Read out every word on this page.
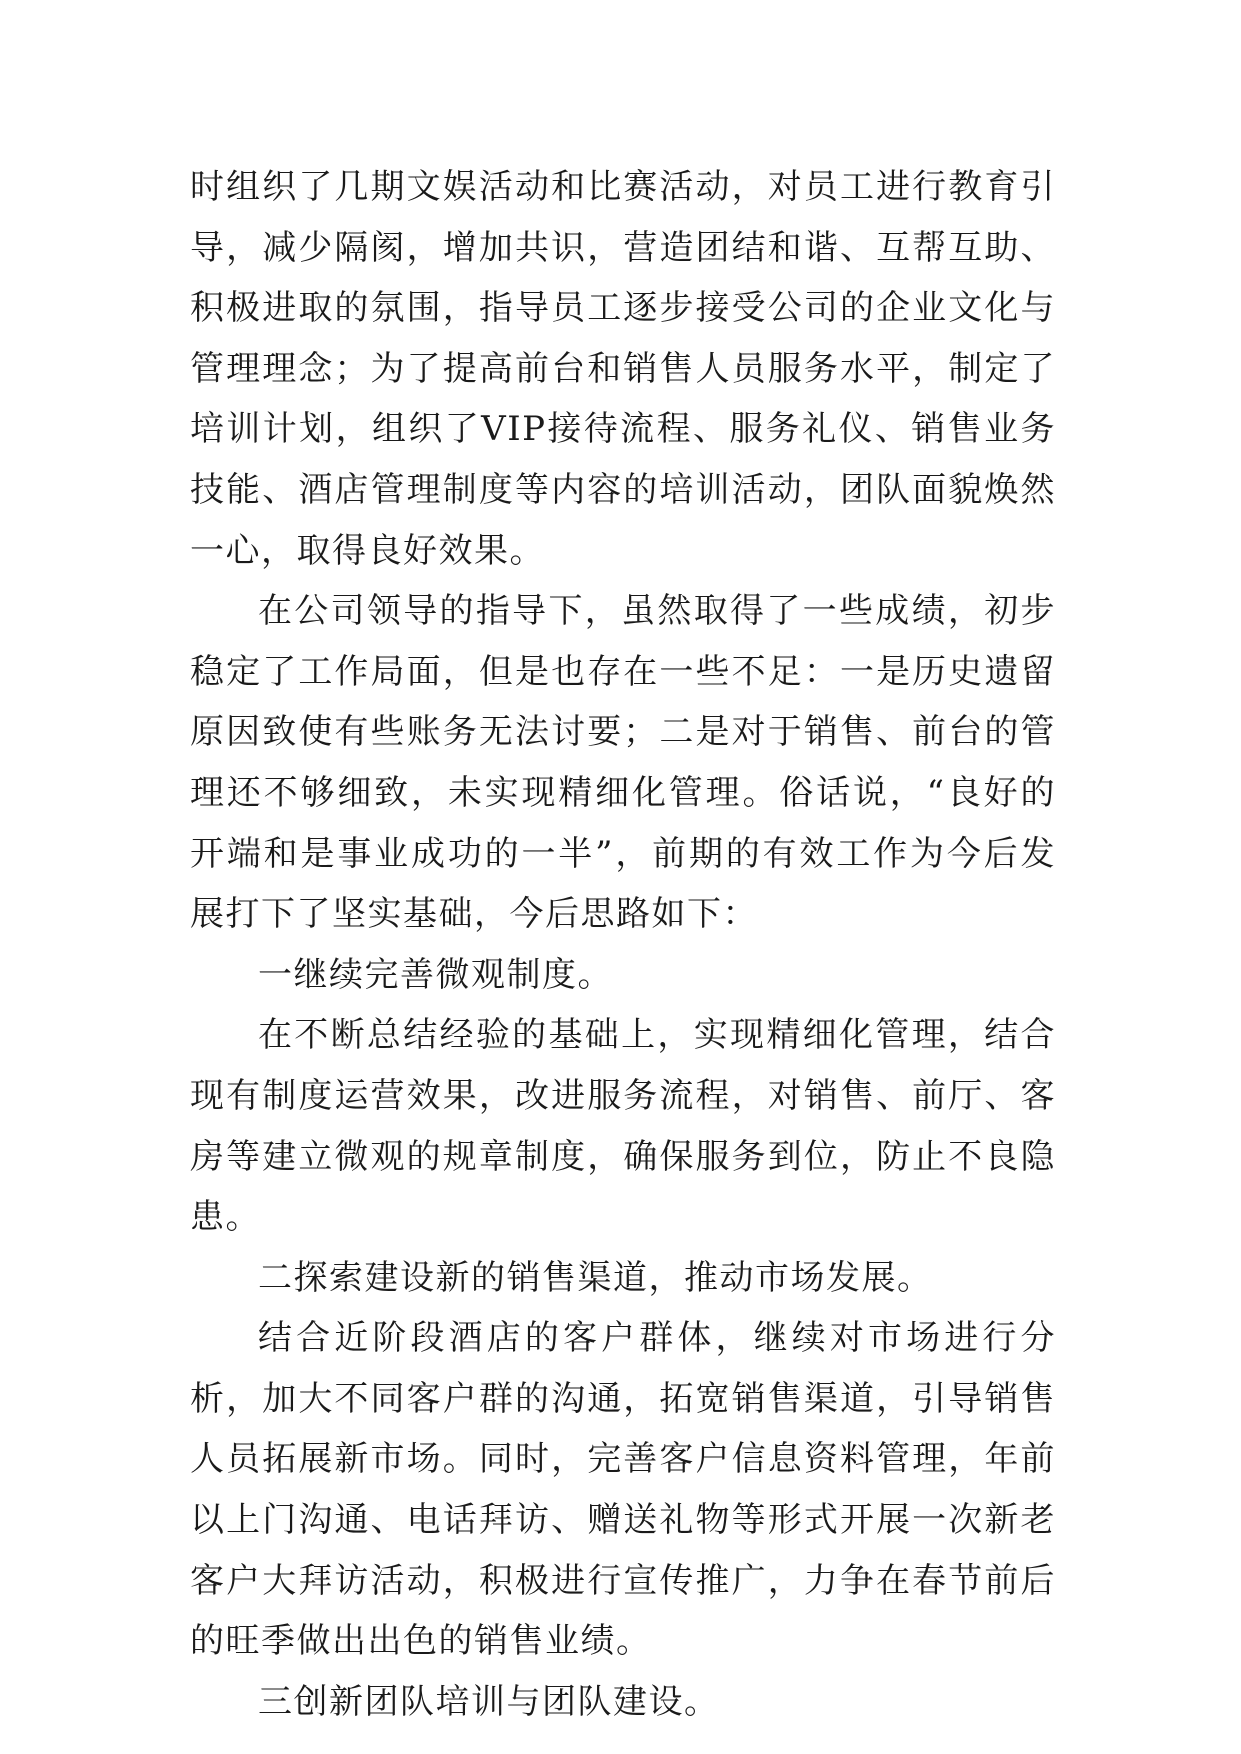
时组织了几期文娱活动和比赛活动，对员工进行教育引导，减少隔阂，增加共识，营造团结和谐、互帮互助、积极进取的氛围，指导员工逐步接受公司的企业文化与管理理念；为了提高前台和销售人员服务水平，制定了培训计划，组织了VIP接待流程、服务礼仪、销售业务技能、酒店管理制度等内容的培训活动，团队面貌焕然一心，取得良好效果。

在公司领导的指导下，虽然取得了一些成绩，初步稳定了工作局面，但是也存在一些不足：一是历史遗留原因致使有些账务无法讨要；二是对于销售、前台的管理还不够细致，未实现精细化管理。俗话说，“良好的开端和是事业成功的一半”，前期的有效工作为今后发展打下了坚实基础，今后思路如下：

一继续完善微观制度。

在不断总结经验的基础上，实现精细化管理，结合现有制度运营效果，改进服务流程，对销售、前厅、客房等建立微观的规章制度，确保服务到位，防止不良隐患。

二探索建设新的销售渠道，推动市场发展。

结合近阶段酒店的客户群体，继续对市场进行分析，加大不同客户群的沟通，拓宽销售渠道，引导销售人员拓展新市场。同时，完善客户信息资料管理，年前以上门沟通、电话拜访、赠送礼物等形式开展一次新老客户大拜访活动，积极进行宣传推广，力争在春节前后的旺季做出出色的销售业绩。

三创新团队培训与团队建设。
